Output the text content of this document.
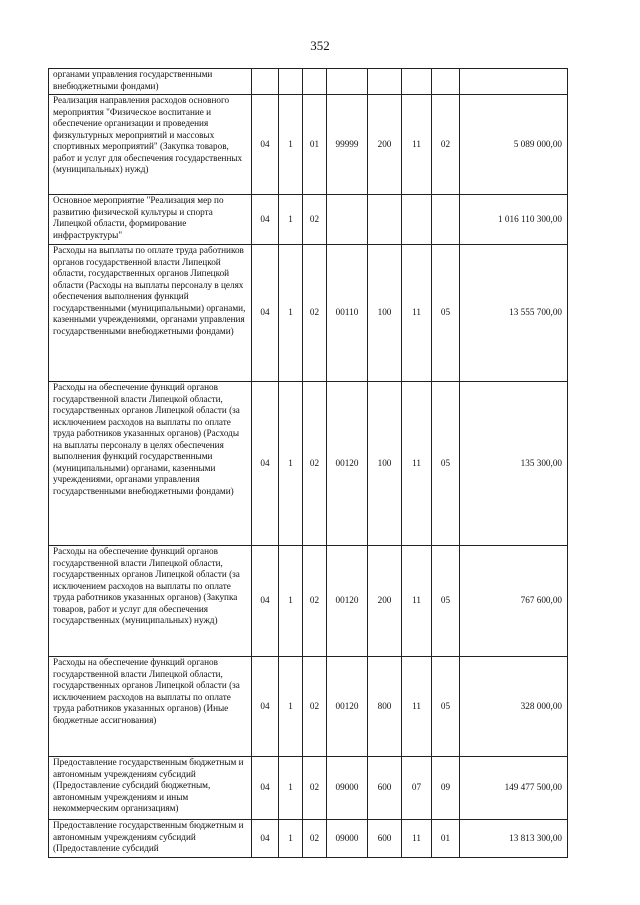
352
органами управления государственными внебюджетными фондами)								
Реализация направления расходов основного мероприятия "Физическое воспитание и обеспечение организации и проведения физкультурных мероприятий и массовых спортивных мероприятий" (Закупка товаров, работ и услуг для обеспечения государственных (муниципальных) нужд)	04	1	01	99999	200	11	02	5 089 000,00
Основное мероприятие "Реализация мер по развитию физической культуры и спорта Липецкой области, формирование инфраструктуры"	04	1	02					1 016 110 300,00
Расходы на выплаты по оплате труда работников органов государственной власти Липецкой области, государственных органов Липецкой области (Расходы на выплаты персоналу в целях обеспечения выполнения функций государственными (муниципальными) органами, казенными учреждениями, органами управления государственными внебюджетными фондами)	04	1	02	00110	100	11	05	13 555 700,00
Расходы на обеспечение функций органов государственной власти Липецкой области, государственных органов Липецкой области (за исключением расходов на выплаты по оплате труда работников указанных органов) (Расходы на выплаты персоналу в целях обеспечения выполнения функций государственными (муниципальными) органами, казенными учреждениями, органами управления государственными внебюджетными фондами)	04	1	02	00120	100	11	05	135 300,00
Расходы на обеспечение функций органов государственной власти Липецкой области, государственных органов Липецкой области (за исключением расходов на выплаты по оплате труда работников указанных органов) (Закупка товаров, работ и услуг для обеспечения государственных (муниципальных) нужд)	04	1	02	00120	200	11	05	767 600,00
Расходы на обеспечение функций органов государственной власти Липецкой области, государственных органов Липецкой области (за исключением расходов на выплаты по оплате труда работников указанных органов) (Иные бюджетные ассигнования)	04	1	02	00120	800	11	05	328 000,00
Предоставление государственным бюджетным и автономным учреждениям субсидий (Предоставление субсидий бюджетным, автономным учреждениям и иным некоммерческим организациям)	04	1	02	09000	600	07	09	149 477 500,00
Предоставление государственным бюджетным и автономным учреждениям субсидий (Предоставление субсидий	04	1	02	09000	600	11	01	13 813 300,00
